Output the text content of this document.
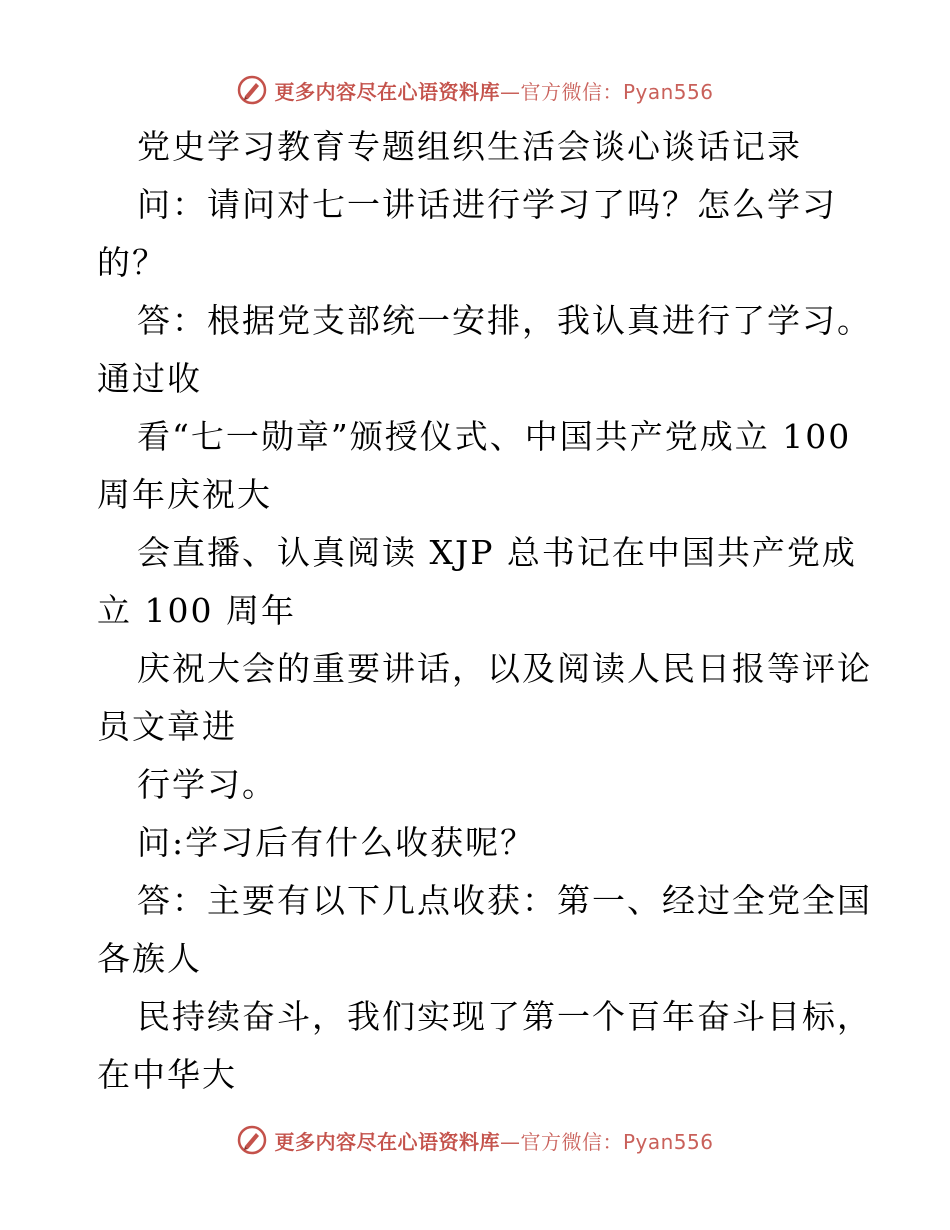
更多内容尽在心语资料库—官方微信：Pyan556
党史学习教育专题组织生活会谈心谈话记录
问：请问对七一讲话进行学习了吗？怎么学习
的？
答：根据党支部统一安排，我认真进行了学习。
通过收
看“七一勋章”颁授仪式、中国共产党成立 100
周年庆祝大
会直播、认真阅读 XJP 总书记在中国共产党成
立 100 周年
庆祝大会的重要讲话，以及阅读人民日报等评论
员文章进
行学习。
问:学习后有什么收获呢？
答：主要有以下几点收获：第一、经过全党全国
各族人
民持续奋斗，我们实现了第一个百年奋斗目标，
在中华大
更多内容尽在心语资料库—官方微信：Pyan556
